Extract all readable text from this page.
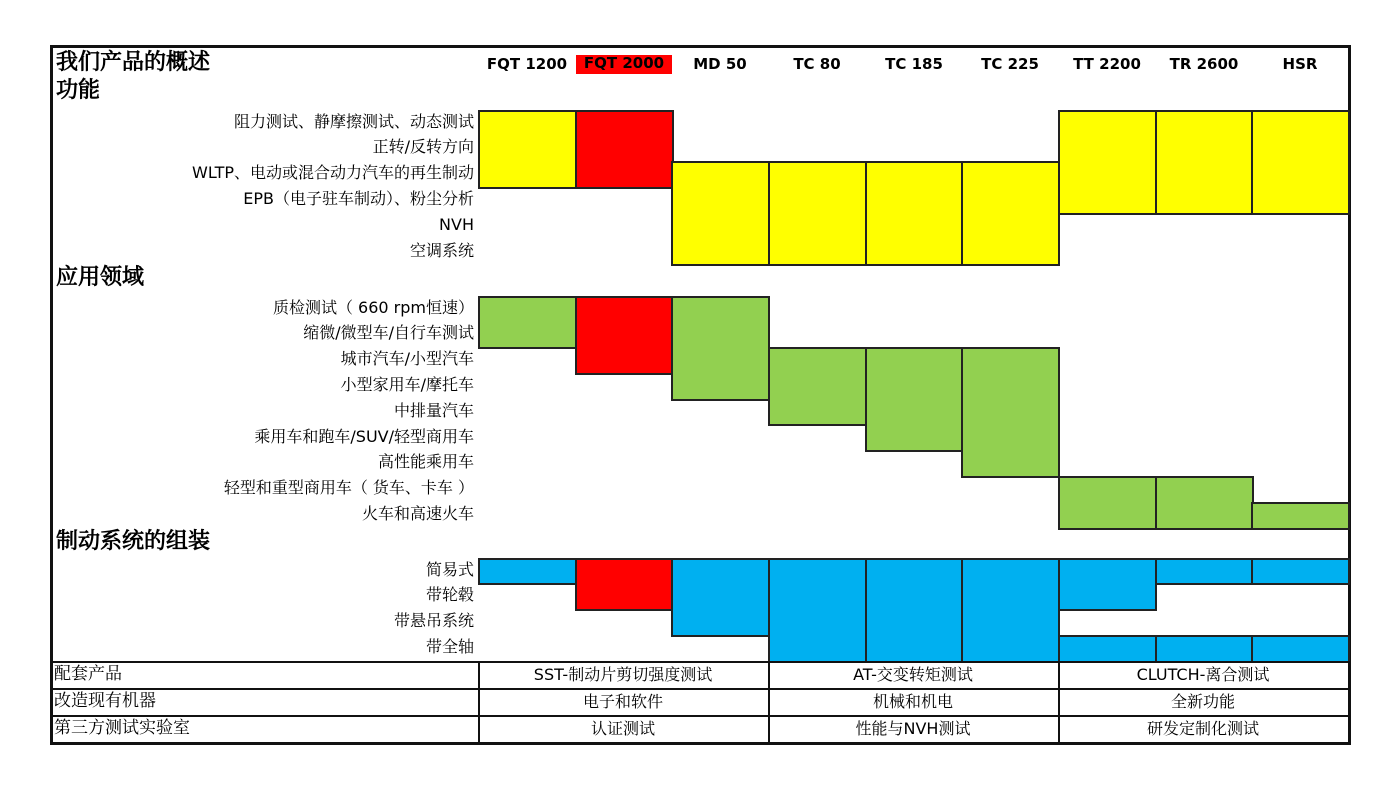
我们产品的概述	FQT 1200	FQT 2000	MD 50	TC 80	TC 185	TC 225	TT 2200	TR 2600	HSR
功能
阻力测试、静摩擦测试、动态测试
正转/反转方向
WLTP、电动或混合动力汽车的再生制动
EPB（电子驻车制动）、粉尘分析
NVH
空调系统
应用领域
质检测试（ 660 rpm恒速）
缩微/微型车/自行车测试
城市汽车/小型汽车
小型家用车/摩托车
中排量汽车
乘用车和跑车/SUV/轻型商用车
高性能乘用车
轻型和重型商用车（ 货车、卡车 ）
火车和高速火车
制动系统的组装
简易式
带轮毂
带悬吊系统
带全轴
配套产品	SST-制动片剪切强度测试	AT-交变转矩测试	CLUTCH-离合测试
改造现有机器	电子和软件	机械和机电	全新功能
第三方测试实验室	认证测试	性能与NVH测试	研发定制化测试
